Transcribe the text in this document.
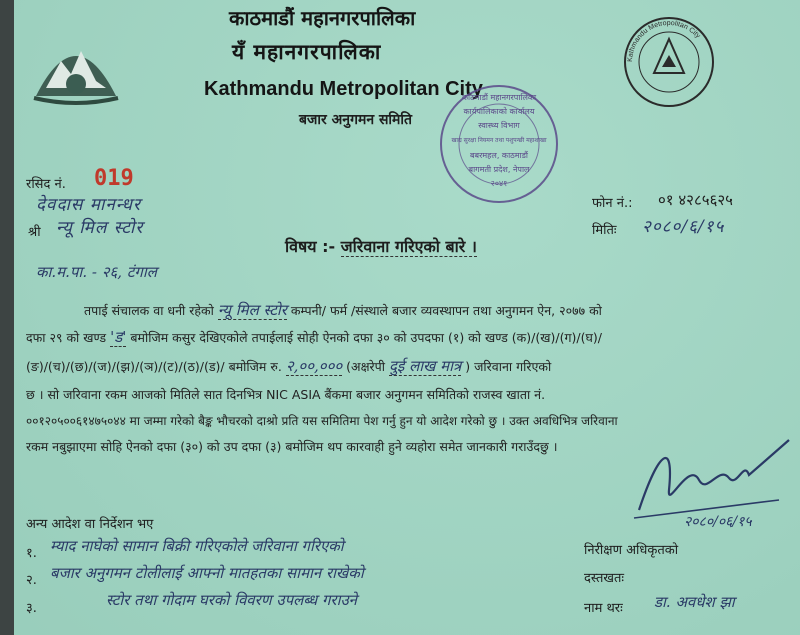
काठमाडौं महानगरपालिका
यँ महानगरपालिका
Kathmandu Metropolitan City
बजार अनुगमन समिति
Kathmandu Metropolitan City
काठमाडौं महानगरपालिका
कार्यपालिकाको कार्यालय
स्वास्थ्य विभाग
खाद्य सुरक्षा नियमन तथा पशुपन्छी महाशाखा
बबरमहल, काठमाडौं
बागमती प्रदेश, नेपाल
२०४१
रसिद नं. 019
फोन नं.: ०१ ४२८५६२५
मितिः २०८०/६/१५
देवदास मानन्धर
श्री न्यू मिल स्टोर
का.म.पा. - २६, टंगाल
विषय :- जरिवाना गरिएको बारे ।
तपाई संचालक वा धनी रहेको न्यू मिल स्टोर कम्पनी/ फर्म /संस्थाले बजार व्यवस्थापन तथा अनुगमन ऐन, २०७७ को
दफा २९ को खण्ड 'ड' बमोजिम कसुर देखिएकोले तपाईलाई सोही ऐनको दफा ३० को उपदफा (१) को खण्ड (क)/(ख)/(ग)/(घ)/
(ङ)/(च)/(छ)/(ज)/(झ)/(ञ)/(ट)/(ठ)/(ड)/ बमोजिम रु. २,००,००० (अक्षरेपी दुई लाख मात्र ) जरिवाना गरिएको
छ । सो जरिवाना रकम आजको मितिले सात दिनभित्र NIC ASIA बैंकमा बजार अनुगमन समितिको राजस्व खाता नं.
००१२०५००६१४७५०४४ मा जम्मा गरेको बैङ्क भौचरको दाश्रो प्रति यस समितिमा पेश गर्नु हुन यो आदेश गरेको छु । उक्त अवधिभित्र जरिवाना
रकम नबुझाएमा सोहि ऐनको दफा (३०) को उप दफा (३) बमोजिम थप कारवाही हुने व्यहोरा समेत जानकारी गराउँदछु ।
अन्य आदेश वा निर्देशन भए
१. म्याद नाघेको सामान बिक्री गरिएकोले जरिवाना गरिएको
२. बजार अनुगमन टोलीलाई आफ्नो मातहतका सामान राखेको
३.	स्टोर तथा गोदाम घरको विवरण उपलब्ध गराउने
निरीक्षण अधिकृतको
दस्तखतः
नाम थरः डा. अवधेश झा
२०८०/०६/१५
